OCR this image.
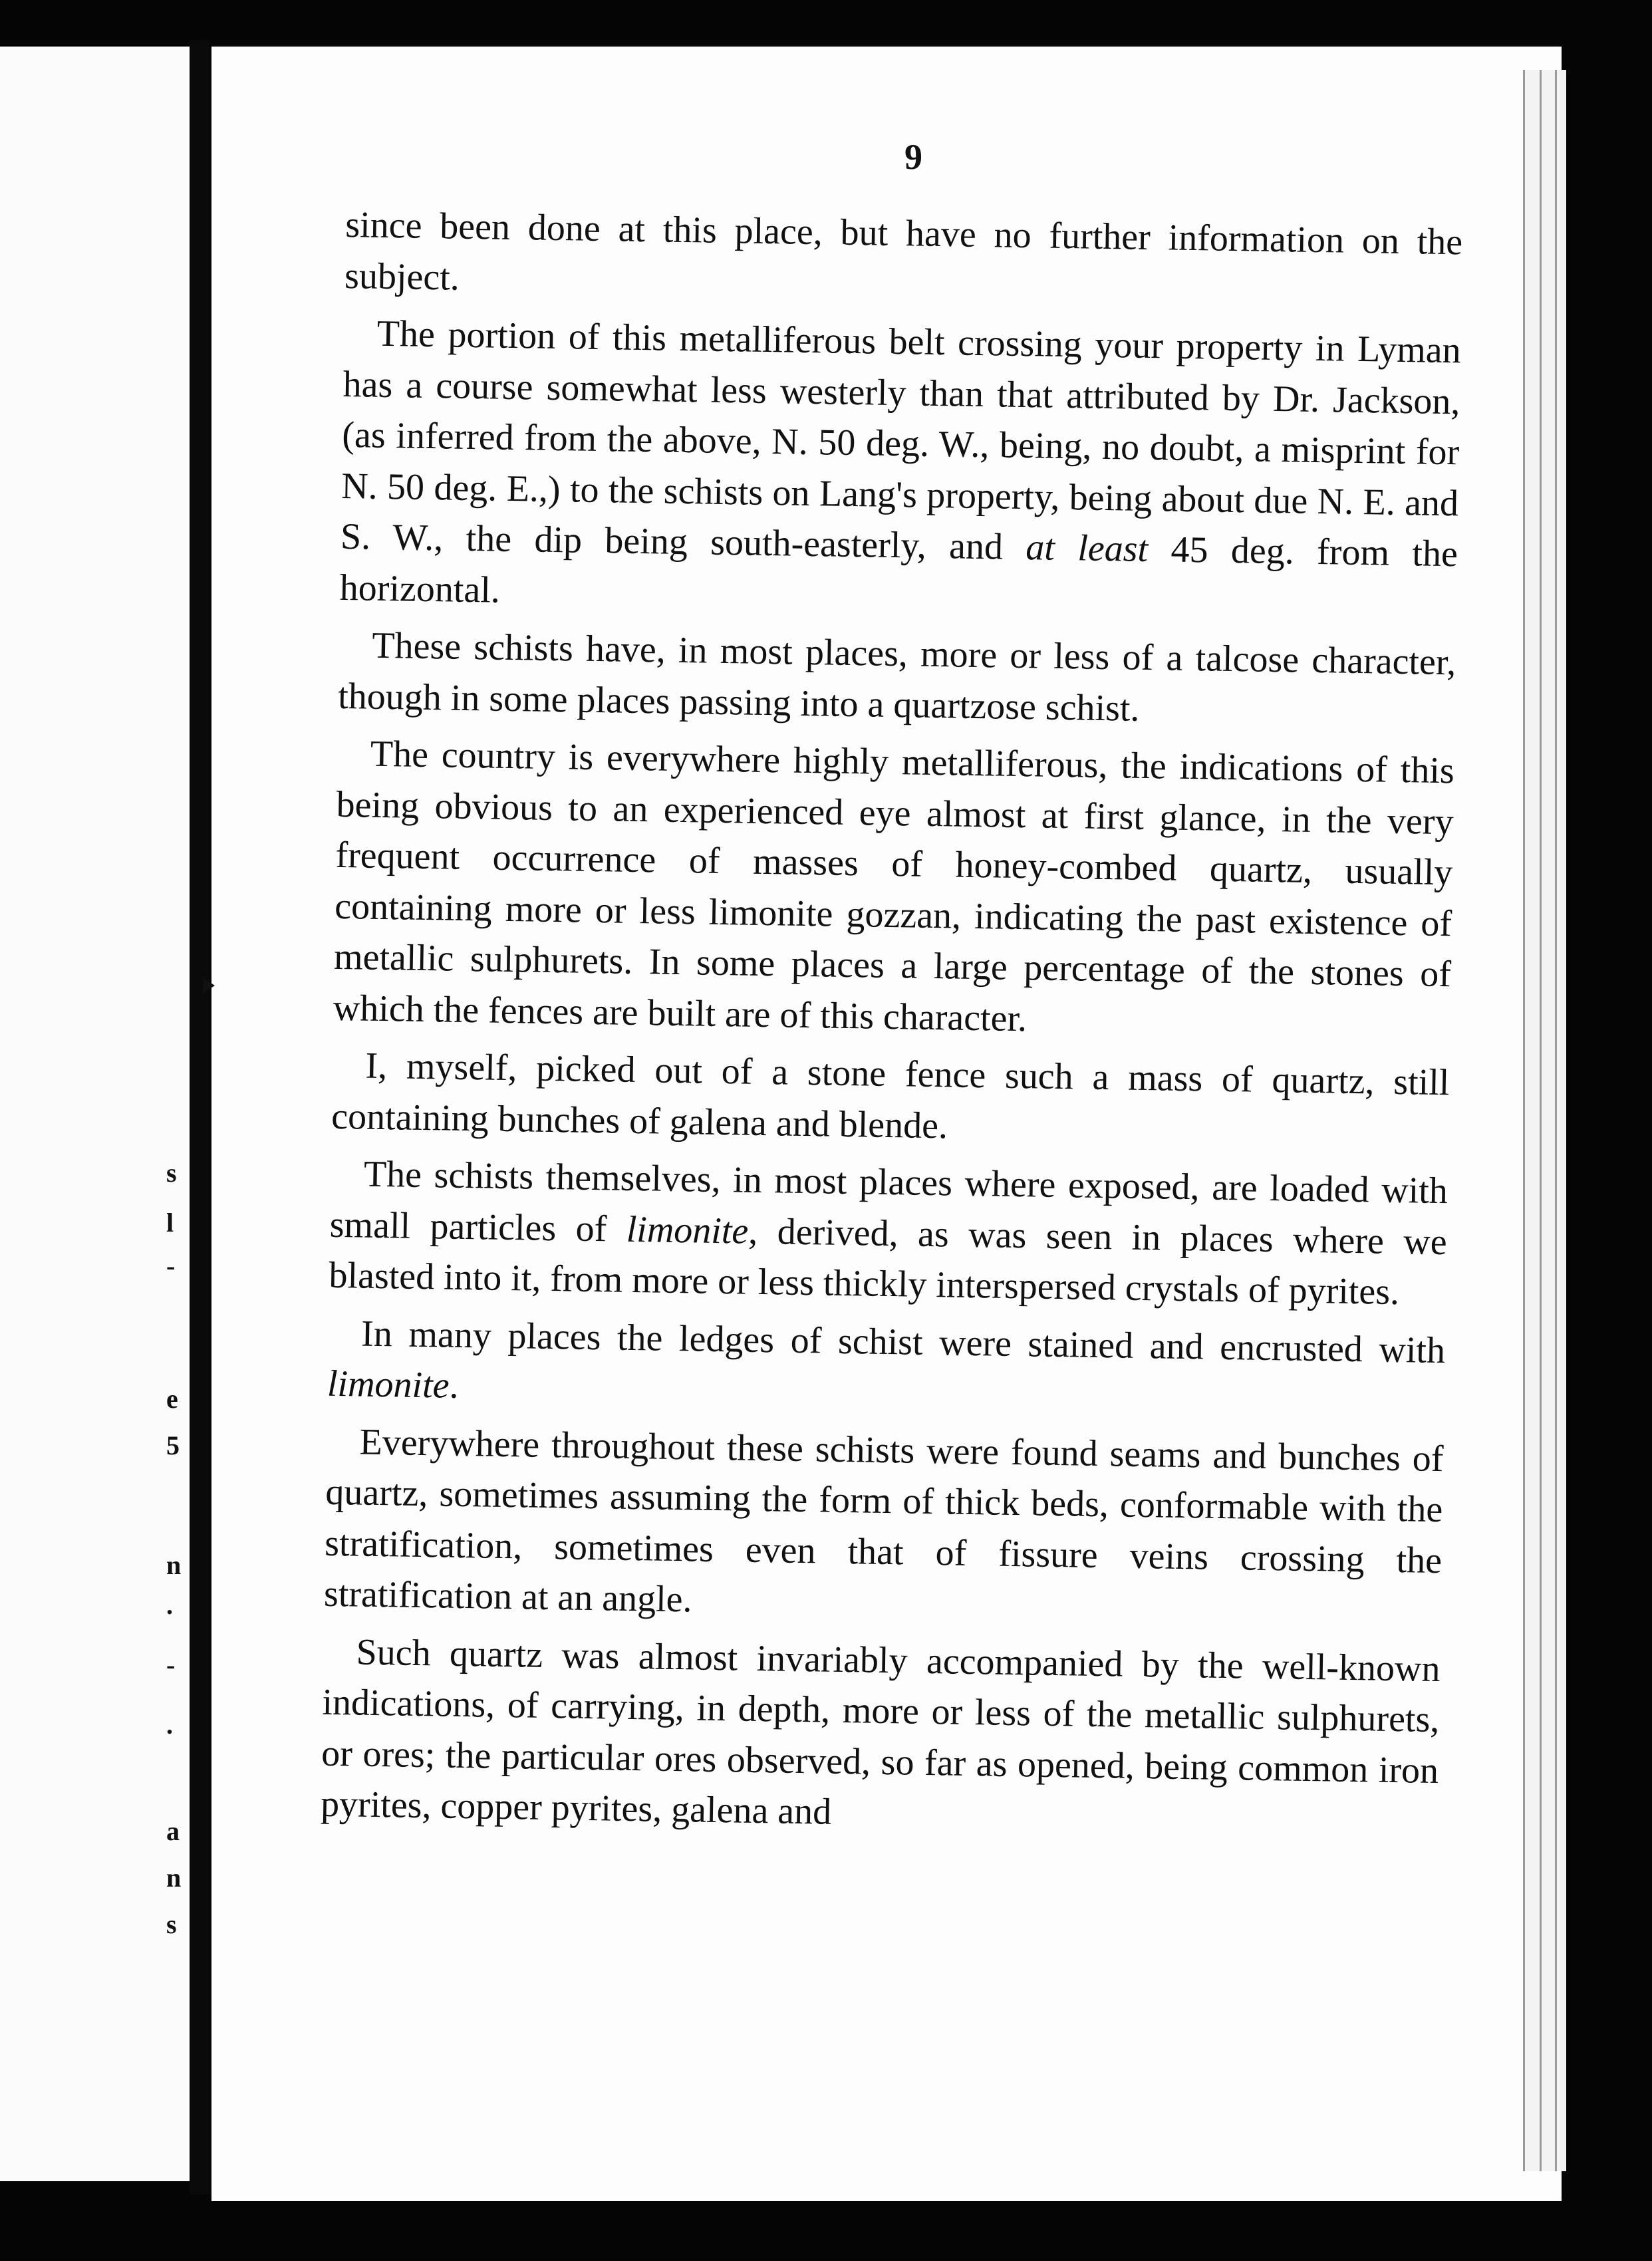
s
l
-
e
5
n
.
-
.
a
n
s
9

since been done at this place, but have no further information on the subject.

The portion of this metalliferous belt crossing your property in Lyman has a course somewhat less westerly than that attributed by Dr. Jackson, (as inferred from the above, N. 50 deg. W., being, no doubt, a misprint for N. 50 deg. E.,) to the schists on Lang's property, being about due N. E. and S. W., the dip being south-easterly, and at least 45 deg. from the horizontal.

These schists have, in most places, more or less of a talcose character, though in some places passing into a quartzose schist.

The country is everywhere highly metalliferous, the indications of this being obvious to an experienced eye almost at first glance, in the very frequent occurrence of masses of honey-combed quartz, usually containing more or less limonite gozzan, indicating the past existence of metallic sulphurets. In some places a large percentage of the stones of which the fences are built are of this character.

I, myself, picked out of a stone fence such a mass of quartz, still containing bunches of galena and blende.

The schists themselves, in most places where exposed, are loaded with small particles of limonite, derived, as was seen in places where we blasted into it, from more or less thickly interspersed crystals of pyrites.

In many places the ledges of schist were stained and encrusted with limonite.

Everywhere throughout these schists were found seams and bunches of quartz, sometimes assuming the form of thick beds, conformable with the stratification, sometimes even that of fissure veins crossing the stratification at an angle.

Such quartz was almost invariably accompanied by the well-known indications, of carrying, in depth, more or less of the metallic sulphurets, or ores; the particular ores observed, so far as opened, being common iron pyrites, copper pyrites, galena and
